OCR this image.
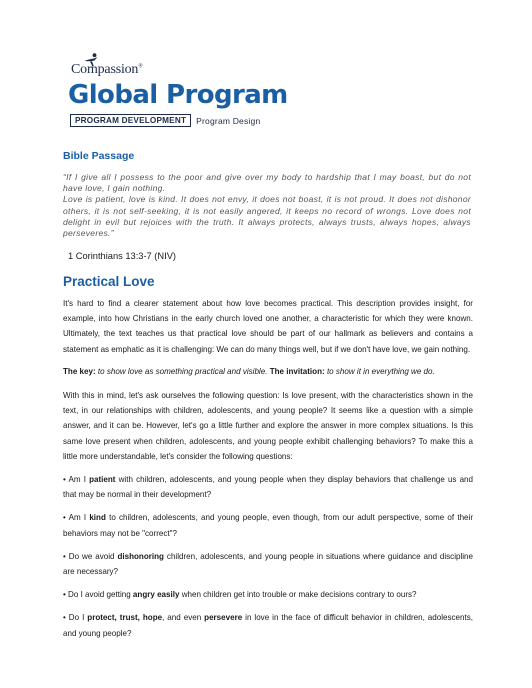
Compassion®
Global Program
PROGRAM DEVELOPMENT	Program Design
Bible Passage

“If I give all I possess to the poor and give over my body to hardship that I may boast, but do not have love, I gain nothing.

Love is patient, love is kind. It does not envy, it does not boast, it is not proud. It does not dishonor others, it is not self-seeking, it is not easily angered, it keeps no record of wrongs. Love does not delight in evil but rejoices with the truth. It always protects, always trusts, always hopes, always perseveres.”

1 Corinthians 13:3-7 (NIV)

Practical Love

It's hard to find a clearer statement about how love becomes practical. This description provides insight, for example, into how Christians in the early church loved one another, a characteristic for which they were known. Ultimately, the text teaches us that practical love should be part of our hallmark as believers and contains a statement as emphatic as it is challenging: We can do many things well, but if we don't have love, we gain nothing.

The key: to show love as something practical and visible. The invitation: to show it in everything we do.

With this in mind, let's ask ourselves the following question: Is love present, with the characteristics shown in the text, in our relationships with children, adolescents, and young people? It seems like a question with a simple answer, and it can be. However, let's go a little further and explore the answer in more complex situations. Is this same love present when children, adolescents, and young people exhibit challenging behaviors? To make this a little more understandable, let's consider the following questions:

• Am I patient with children, adolescents, and young people when they display behaviors that challenge us and that may be normal in their development?

• Am I kind to children, adolescents, and young people, even though, from our adult perspective, some of their behaviors may not be "correct"?

• Do we avoid dishonoring children, adolescents, and young people in situations where guidance and discipline are necessary?

• Do I avoid getting angry easily when children get into trouble or make decisions contrary to ours?

• Do I protect, trust, hope, and even persevere in love in the face of difficult behavior in children, adolescents, and young people?
